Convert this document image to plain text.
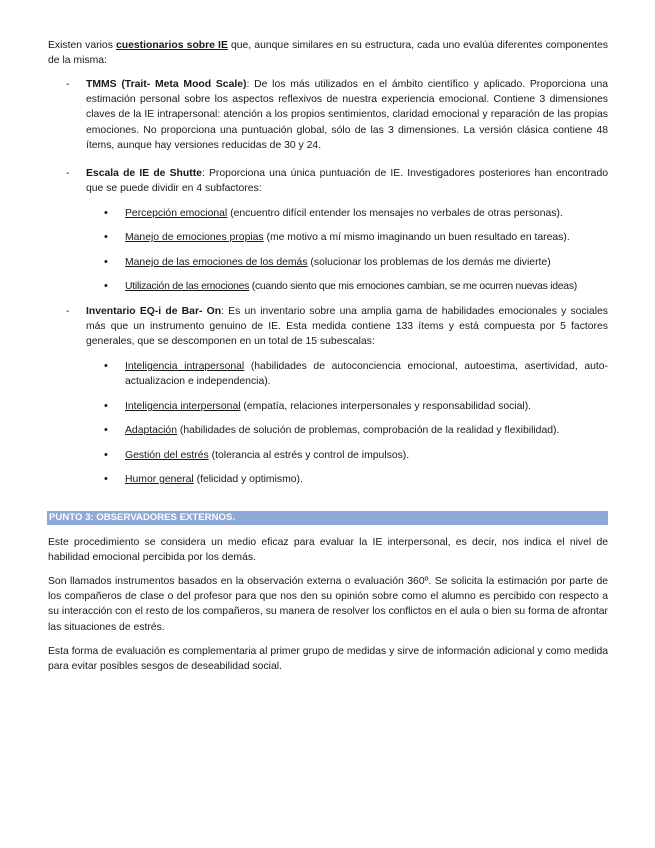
Existen varios cuestionarios sobre IE que, aunque similares en su estructura, cada uno evalúa diferentes componentes de la misma:

- TMMS (Trait- Meta Mood Scale): De los más utilizados en el ámbito científico y aplicado. Proporciona una estimación personal sobre los aspectos reflexivos de nuestra experiencia emocional. Contiene 3 dimensiones claves de la IE intrapersonal: atención a los propios sentimientos, claridad emocional y reparación de las propias emociones. No proporciona una puntuación global, sólo de las 3 dimensiones. La versión clásica contiene 48 ítems, aunque hay versiones reducidas de 30 y 24.
- Escala de IE de Shutte: Proporciona una única puntuación de IE. Investigadores posteriores han encontrado que se puede dividir en 4 subfactores:
• Percepción emocional (encuentro difícil entender los mensajes no verbales de otras personas).
• Manejo de emociones propias (me motivo a mí mismo imaginando un buen resultado en tareas).
• Manejo de las emociones de los demás (solucionar los problemas de los demás me divierte)
• Utilización de las emociones (cuando siento que mis emociones cambian, se me ocurren nuevas ideas)
- Inventario EQ-i de Bar- On: Es un inventario sobre una amplia gama de habilidades emocionales y sociales más que un instrumento genuino de IE. Esta medida contiene 133 ítems y está compuesta por 5 factores generales, que se descomponen en un total de 15 subescalas:
• Inteligencia intrapersonal (habilidades de autoconciencia emocional, autoestima, asertividad, auto-actualizacion e independencia).
• Inteligencia interpersonal (empatía, relaciones interpersonales y responsabilidad social).
• Adaptación (habilidades de solución de problemas, comprobación de la realidad y flexibilidad).
• Gestión del estrés (tolerancia al estrés y control de impulsos).
• Humor general (felicidad y optimismo).
PUNTO 3: OBSERVADORES EXTERNOS.

Este procedimiento se considera un medio eficaz para evaluar la IE interpersonal, es decir, nos indica el nivel de habilidad emocional percibida por los demás.

Son llamados instrumentos basados en la observación externa o evaluación 360º. Se solicita la estimación por parte de los compañeros de clase o del profesor para que nos den su opinión sobre como el alumno es percibido con respecto a su interacción con el resto de los compañeros, su manera de resolver los conflictos en el aula o bien su forma de afrontar las situaciones de estrés.

Esta forma de evaluación es complementaria al primer grupo de medidas y sirve de información adicional y como medida para evitar posibles sesgos de deseabilidad social.
